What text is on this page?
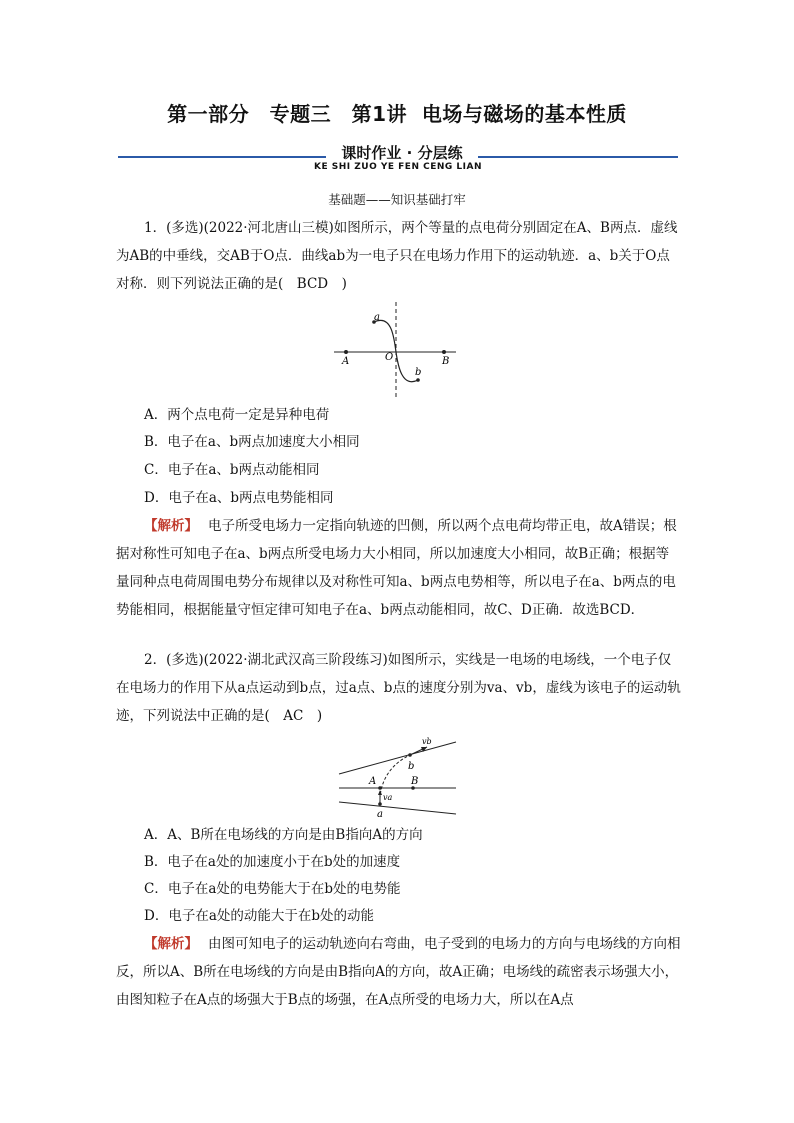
第一部分　专题三　第1讲  电场与磁场的基本性质
课时作业 · 分层练
KE SHI ZUO YE FEN CENG LIAN
基础题——知识基础打牢

1．(多选)(2022·河北唐山三模)如图所示，两个等量的点电荷分别固定在A、B两点．虚线为AB的中垂线，交AB于O点．曲线ab为一电子只在电场力作用下的运动轨迹．a、b关于O点对称．则下列说法正确的是(　BCD　)

A	B
O
a
b
A．两个点电荷一定是异种电荷
B．电子在a、b两点加速度大小相同
C．电子在a、b两点动能相同
D．电子在a、b两点电势能相同

【解析】 电子所受电场力一定指向轨迹的凹侧，所以两个点电荷均带正电，故A错误；根据对称性可知电子在a、b两点所受电场力大小相同，所以加速度大小相同，故B正确；根据等量同种点电荷周围电势分布规律以及对称性可知a、b两点电势相等，所以电子在a、b两点的电势能相同，根据能量守恒定律可知电子在a、b两点动能相同，故C、D正确．故选BCD．

2．(多选)(2022·湖北武汉高三阶段练习)如图所示，实线是一电场的电场线，一个电子仅在电场力的作用下从a点运动到b点，过a点、b点的速度分别为va、vb，虚线为该电子的运动轨迹，下列说法中正确的是(　AC　)

A	B
b
a
vb
va
A．A、B所在电场线的方向是由B指向A的方向
B．电子在a处的加速度小于在b处的加速度
C．电子在a处的电势能大于在b处的电势能
D．电子在a处的动能大于在b处的动能

【解析】 由图可知电子的运动轨迹向右弯曲，电子受到的电场力的方向与电场线的方向相反，所以A、B所在电场线的方向是由B指向A的方向，故A正确；电场线的疏密表示场强大小，由图知粒子在A点的场强大于B点的场强，在A点所受的电场力大，所以在A点
